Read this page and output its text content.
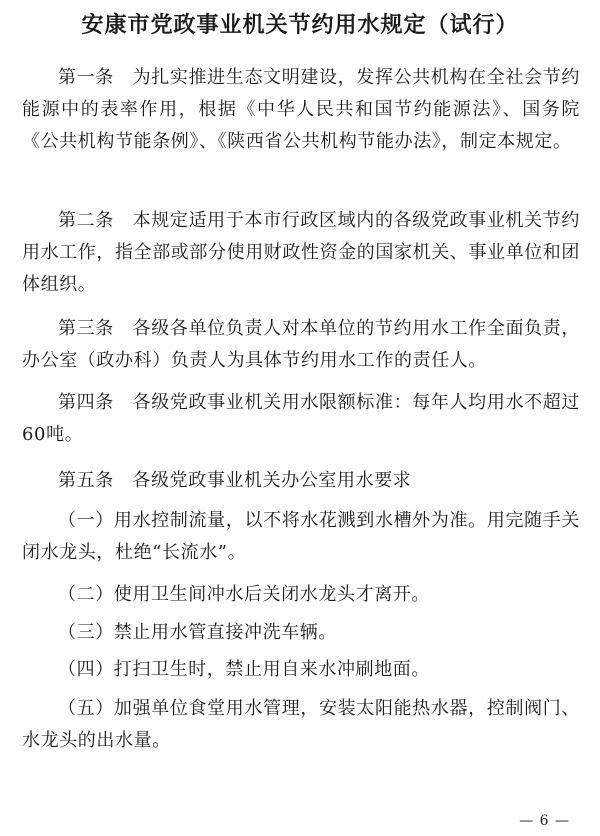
安康市党政事业机关节约用水规定（试行）

第一条　为扎实推进生态文明建设，发挥公共机构在全社会节约能源中的表率作用，根据《中华人民共和国节约能源法》、国务院《公共机构节能条例》、《陕西省公共机构节能办法》，制定本规定。

第二条　本规定适用于本市行政区域内的各级党政事业机关节约用水工作，指全部或部分使用财政性资金的国家机关、事业单位和团体组织。

第三条　各级各单位负责人对本单位的节约用水工作全面负责，办公室（政办科）负责人为具体节约用水工作的责任人。

第四条　各级党政事业机关用水限额标准：每年人均用水不超过60吨。

第五条　各级党政事业机关办公室用水要求

（一）用水控制流量，以不将水花溅到水槽外为准。用完随手关闭水龙头，杜绝“长流水”。

（二）使用卫生间冲水后关闭水龙头才离开。

（三）禁止用水管直接冲洗车辆。

（四）打扫卫生时，禁止用自来水冲刷地面。

（五）加强单位食堂用水管理，安装太阳能热水器，控制阀门、水龙头的出水量。

— 6 —
